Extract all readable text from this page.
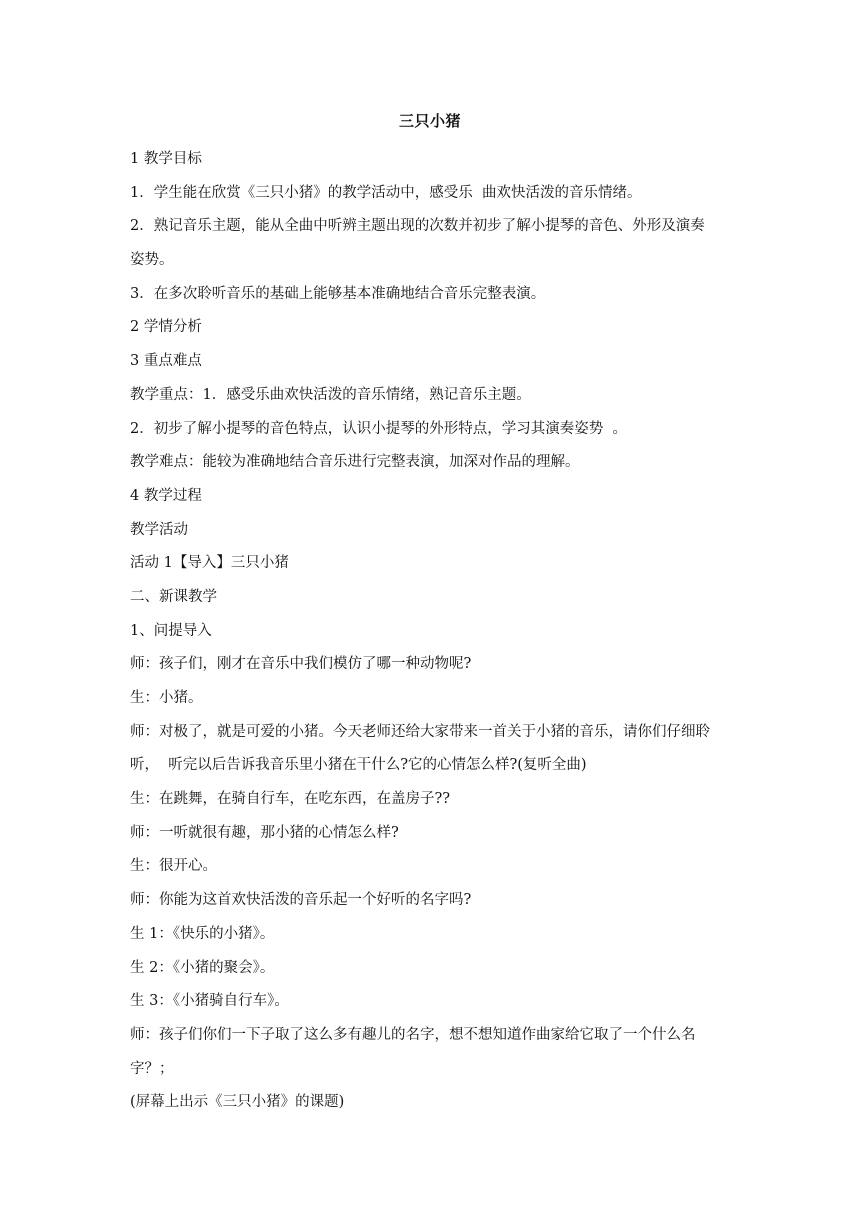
三只小猪

1 教学目标

1．学生能在欣赏《三只小猪》的教学活动中，感受乐  曲欢快活泼的音乐情绪。

2．熟记音乐主题，能从全曲中听辨主题出现的次数并初步了解小提琴的音色、外形及演奏

姿势。

3．在多次聆听音乐的基础上能够基本准确地结合音乐完整表演。

2 学情分析

3 重点难点

教学重点：1．感受乐曲欢快活泼的音乐情绪，熟记音乐主题。

2．初步了解小提琴的音色特点，认识小提琴的外形特点，学习其演奏姿势  。

教学难点：能较为准确地结合音乐进行完整表演，加深对作品的理解。

4 教学过程

教学活动

活动 1【导入】三只小猪

二、新课教学

1、问提导入

师：孩子们，刚才在音乐中我们模仿了哪一种动物呢?

生：小猪。

师：对极了，就是可爱的小猪。今天老师还给大家带来一首关于小猪的音乐，请你们仔细聆

听，  听完以后告诉我音乐里小猪在干什么?它的心情怎么样?(复听全曲)

生：在跳舞，在骑自行车，在吃东西，在盖房子??

师：一听就很有趣，那小猪的心情怎么样?

生：很开心。

师：你能为这首欢快活泼的音乐起一个好听的名字吗?

生 1：《快乐的小猪》。

生 2：《小猪的聚会》。

生 3：《小猪骑自行车》。

师：孩子们你们一下子取了这么多有趣儿的名字，想不想知道作曲家给它取了一个什么名

字？；

(屏幕上出示《三只小猪》的课题)
